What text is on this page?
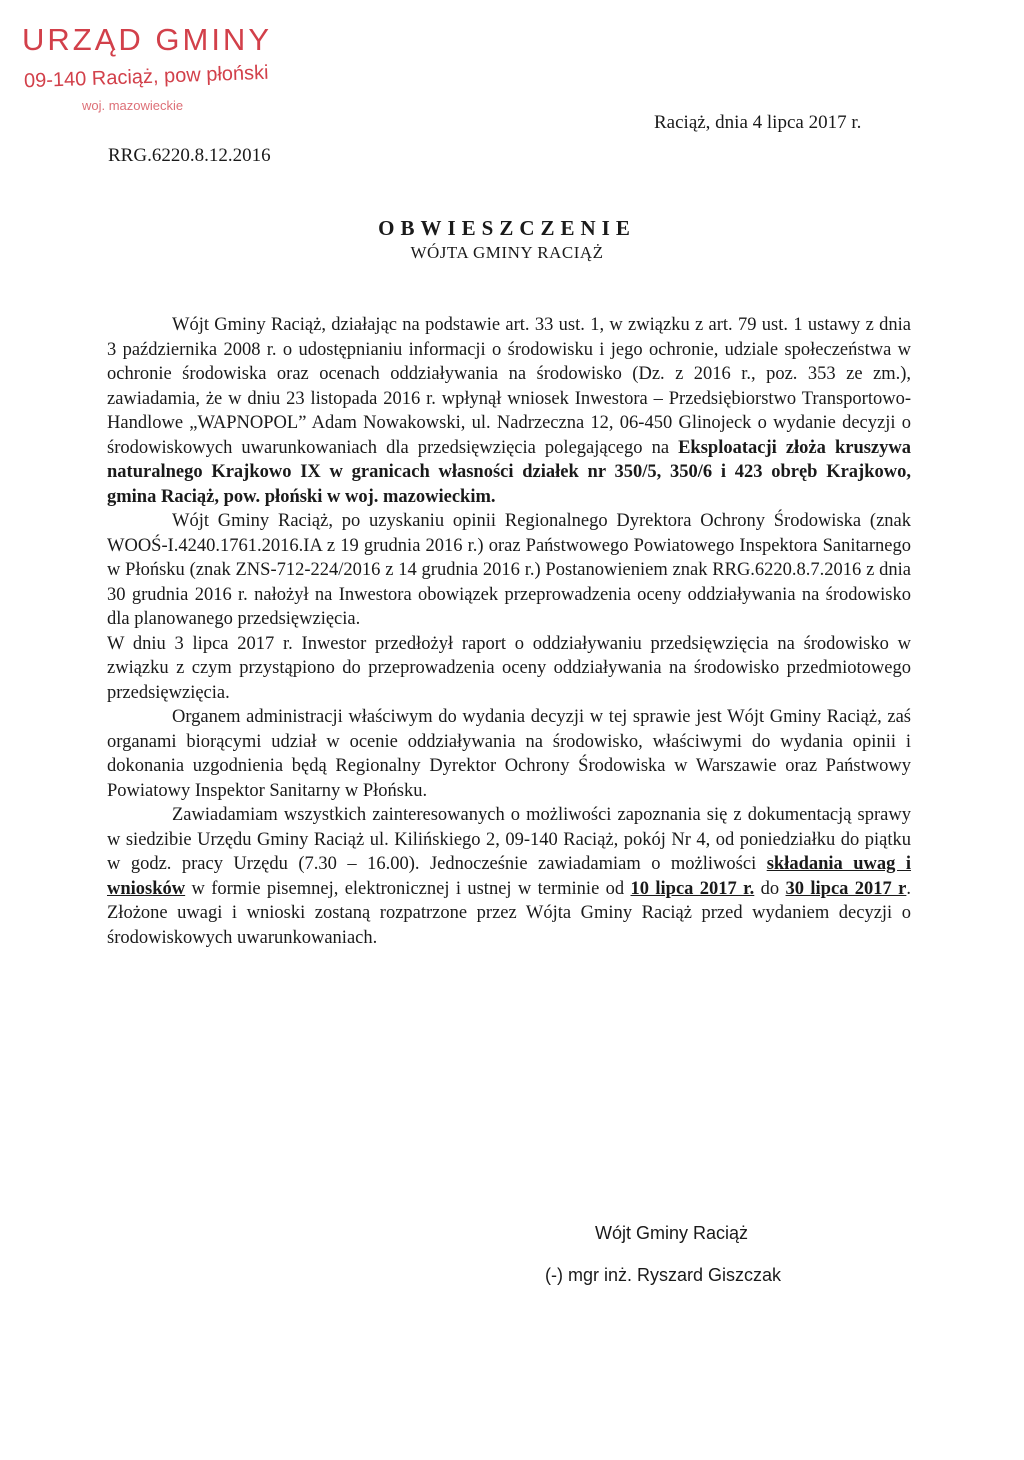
URZĄD GMINY
09-140 Raciąż, pow płoński
woj. mazowieckie
Raciąż, dnia 4 lipca 2017 r.
RRG.6220.8.12.2016
OBWIESZCZENIE
WÓJTA GMINY RACIĄŻ

Wójt Gminy Raciąż, działając na podstawie art. 33 ust. 1, w związku z art. 79 ust. 1 ustawy z dnia 3 października 2008 r. o udostępnianiu informacji o środowisku i jego ochronie, udziale społeczeństwa w ochronie środowiska oraz ocenach oddziaływania na środowisko (Dz. z 2016 r., poz. 353 ze zm.), zawiadamia, że w dniu 23 listopada 2016 r. wpłynął wniosek Inwestora – Przedsiębiorstwo Transportowo-Handlowe „WAPNOPOL” Adam Nowakowski, ul. Nadrzeczna 12, 06-450 Glinojeck o wydanie decyzji o środowiskowych uwarunkowaniach dla przedsięwzięcia polegającego na Eksploatacji złoża kruszywa naturalnego Krajkowo IX w granicach własności działek nr 350/5, 350/6 i 423 obręb Krajkowo, gmina Raciąż, pow. płoński w woj. mazowieckim.

Wójt Gminy Raciąż, po uzyskaniu opinii Regionalnego Dyrektora Ochrony Środowiska (znak WOOŚ-I.4240.1761.2016.IA z 19 grudnia 2016 r.) oraz Państwowego Powiatowego Inspektora Sanitarnego w Płońsku (znak ZNS-712-224/2016 z 14 grudnia 2016 r.) Postanowieniem znak RRG.6220.8.7.2016 z dnia 30 grudnia 2016 r. nałożył na Inwestora obowiązek przeprowadzenia oceny oddziaływania na środowisko dla planowanego przedsięwzięcia.

W dniu 3 lipca 2017 r. Inwestor przedłożył raport o oddziaływaniu przedsięwzięcia na środowisko w związku z czym przystąpiono do przeprowadzenia oceny oddziaływania na środowisko przedmiotowego przedsięwzięcia.

Organem administracji właściwym do wydania decyzji w tej sprawie jest Wójt Gminy Raciąż, zaś organami biorącymi udział w ocenie oddziaływania na środowisko, właściwymi do wydania opinii i dokonania uzgodnienia będą Regionalny Dyrektor Ochrony Środowiska w Warszawie oraz Państwowy Powiatowy Inspektor Sanitarny w Płońsku.

Zawiadamiam wszystkich zainteresowanych o możliwości zapoznania się z dokumentacją sprawy w siedzibie Urzędu Gminy Raciąż ul. Kilińskiego 2, 09-140 Raciąż, pokój Nr 4, od poniedziałku do piątku w godz. pracy Urzędu (7.30 – 16.00). Jednocześnie zawiadamiam o możliwości składania uwag i wniosków w formie pisemnej, elektronicznej i ustnej w terminie od 10 lipca 2017 r. do 30 lipca 2017 r. Złożone uwagi i wnioski zostaną rozpatrzone przez Wójta Gminy Raciąż przed wydaniem decyzji o środowiskowych uwarunkowaniach.

Wójt Gminy Raciąż
(-) mgr inż. Ryszard Giszczak
